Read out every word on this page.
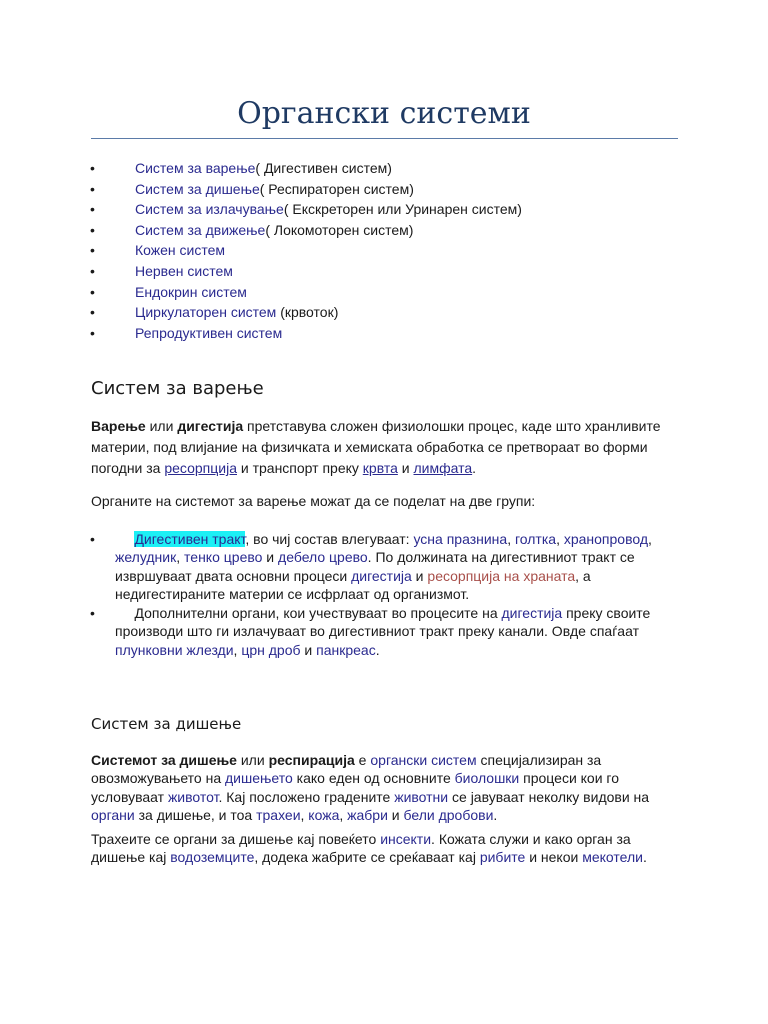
Органски системи
•	Систем за варење( Дигестивен систем)
•	Систем за дишење( Респираторен систем)
•	Систем за излачување( Екскреторен или Уринарен систем)
•	Систем за движење( Локомоторен систем)
•	Кожен систем
•	Нервен систем
•	Ендокрин систем
•	Циркулаторен систем (крвоток)
•	Репродуктивен систем
Систем за варење

Варење или дигестија претставува сложен физиолошки процес, каде што хранливите материи, под влијание на физичката и хемиската обработка се претвораат во форми погодни за ресорпција и транспорт преку крвта и лимфата.

Органите на системот за варење можат да се поделат на две групи:

•	Дигестивен тракт, во чиј состав влегуваат: усна празнина, голтка, хранопровод, желудник, тенко црево и дебело црево. По должината на дигестивниот тракт се извршуваат двата основни процеси дигестија и ресорпција на храната, а недигестираните материи се исфрлаат од организмот.
•	Дополнителни органи, кои учествуваат во процесите на дигестија преку своите производи што ги излачуваат во дигестивниот тракт преку канали. Овде спаѓаат плунковни жлезди, црн дроб и панкреас.
Систем за дишење

Системот за дишење или респирација е органски систем специјализиран за овозможувањето на дишењето како еден од основните биолошки процеси кои го условуваат животот. Кај посложено градените животни се јавуваат неколку видови на органи за дишење, и тоа трахеи, кожа, жабри и бели дробови.

Трахеите се органи за дишење кај повеќето инсекти. Кожата служи и како орган за дишење кај водоземците, додека жабрите се среќаваат кај рибите и некои мекотели.
